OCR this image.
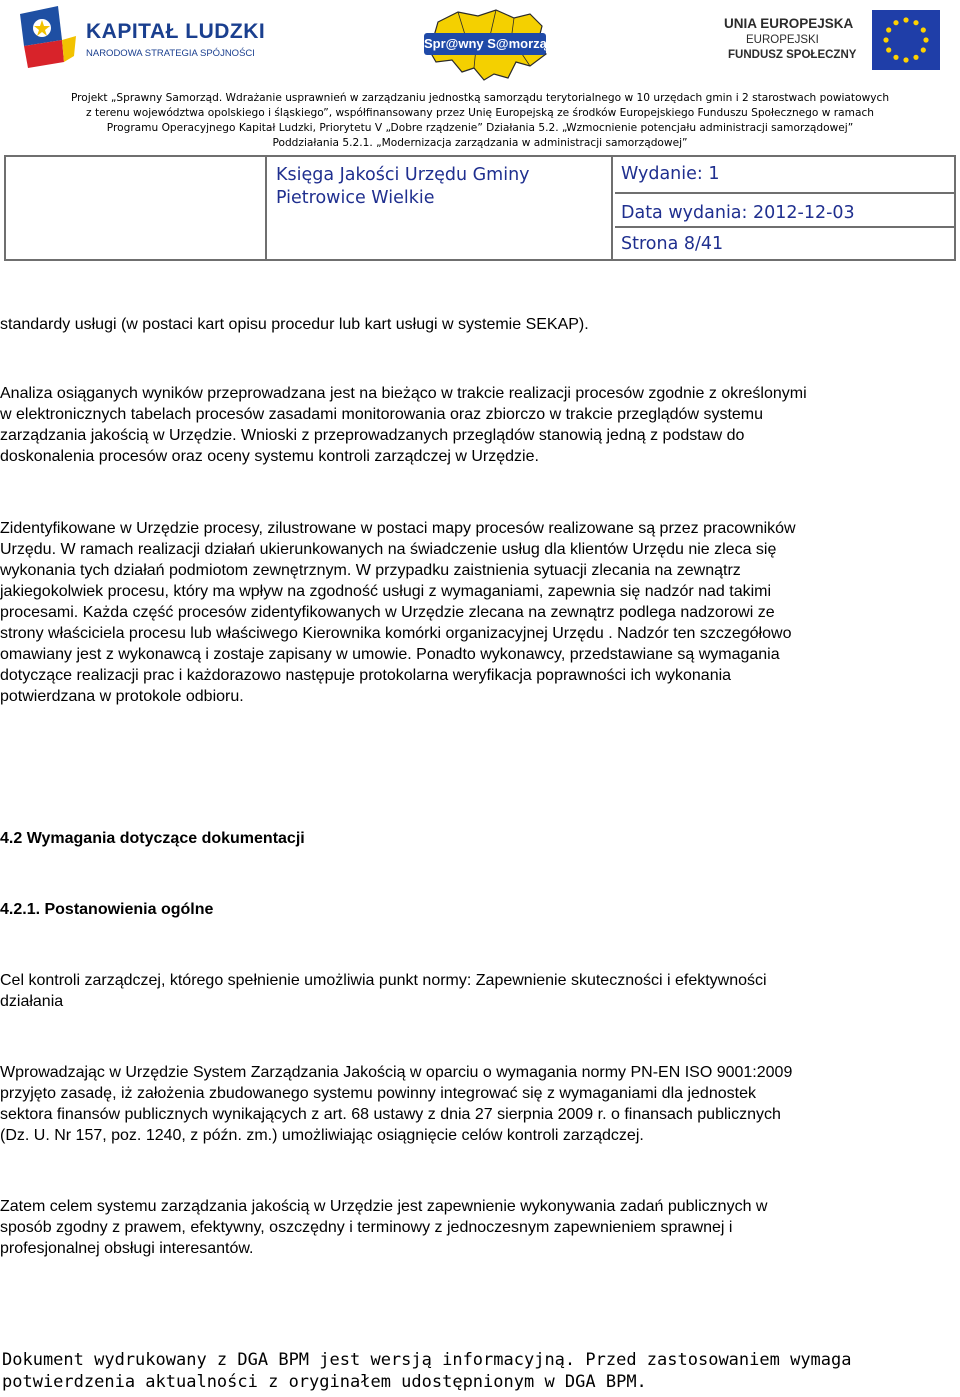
KAPITAŁ LUDZKI
NARODOWA STRATEGIA SPÓJNOŚCI
Spr@wny S@morząd
UNIA EUROPEJSKA
EUROPEJSKI
FUNDUSZ SPOŁECZNY
Projekt „Sprawny Samorząd. Wdrażanie usprawnień w zarządzaniu jednostką samorządu terytorialnego w 10 urzędach gmin i 2 starostwach powiatowych
z terenu województwa opolskiego i śląskiego”, współfinansowany przez Unię Europejską ze środków Europejskiego Funduszu Społecznego w ramach
Programu Operacyjnego Kapitał Ludzki, Priorytetu V „Dobre rządzenie” Działania 5.2. „Wzmocnienie potencjału administracji samorządowej”
Poddziałania 5.2.1. „Modernizacja zarządzania w administracji samorządowej”
Księga Jakości Urzędu Gminy
Pietrowice Wielkie
Wydanie: 1
Data wydania: 2012-12-03
Strona 8/41
standardy usługi (w postaci kart opisu procedur lub kart usługi w systemie SEKAP).
Analiza osiąganych wyników przeprowadzana jest na bieżąco w trakcie realizacji procesów zgodnie z określonymi
w elektronicznych tabelach procesów zasadami monitorowania oraz zbiorczo w trakcie przeglądów systemu
zarządzania jakością w Urzędzie. Wnioski z przeprowadzanych przeglądów stanowią jedną z podstaw do
doskonalenia procesów oraz oceny systemu kontroli zarządczej w Urzędzie.
Zidentyfikowane w Urzędzie procesy, zilustrowane w postaci mapy procesów realizowane są przez pracowników
Urzędu. W ramach realizacji działań ukierunkowanych na świadczenie usług dla klientów Urzędu nie zleca się
wykonania tych działań podmiotom zewnętrznym. W przypadku zaistnienia sytuacji zlecania na zewnątrz
jakiegokolwiek procesu, który ma wpływ na zgodność usługi z wymaganiami, zapewnia się nadzór nad takimi
procesami. Każda część procesów zidentyfikowanych w Urzędzie zlecana na zewnątrz podlega nadzorowi ze
strony właściciela procesu lub właściwego Kierownika komórki organizacyjnej Urzędu . Nadzór ten szczegółowo
omawiany jest z wykonawcą i zostaje zapisany w umowie. Ponadto wykonawcy, przedstawiane są wymagania
dotyczące realizacji prac i każdorazowo następuje protokolarna weryfikacja poprawności ich wykonania
potwierdzana w protokole odbioru.
4.2 Wymagania dotyczące dokumentacji
4.2.1. Postanowienia ogólne
Cel kontroli zarządczej, którego spełnienie umożliwia punkt normy: Zapewnienie skuteczności i efektywności
działania
Wprowadzając w Urzędzie System Zarządzania Jakością w oparciu o wymagania normy PN-EN ISO 9001:2009
przyjęto zasadę, iż założenia zbudowanego systemu powinny integrować się z wymaganiami dla jednostek
sektora finansów publicznych wynikających z art. 68 ustawy z dnia 27 sierpnia 2009 r. o finansach publicznych
(Dz. U. Nr 157, poz. 1240, z późn. zm.) umożliwiając osiągnięcie celów kontroli zarządczej.
Zatem celem systemu zarządzania jakością w Urzędzie jest zapewnienie wykonywania zadań publicznych w
sposób zgodny z prawem, efektywny, oszczędny i terminowy z jednoczesnym zapewnieniem sprawnej i
profesjonalnej obsługi interesantów.
Dokument wydrukowany z DGA BPM jest wersją informacyjną. Przed zastosowaniem wymaga
potwierdzenia aktualności z oryginałem udostępnionym w DGA BPM.
